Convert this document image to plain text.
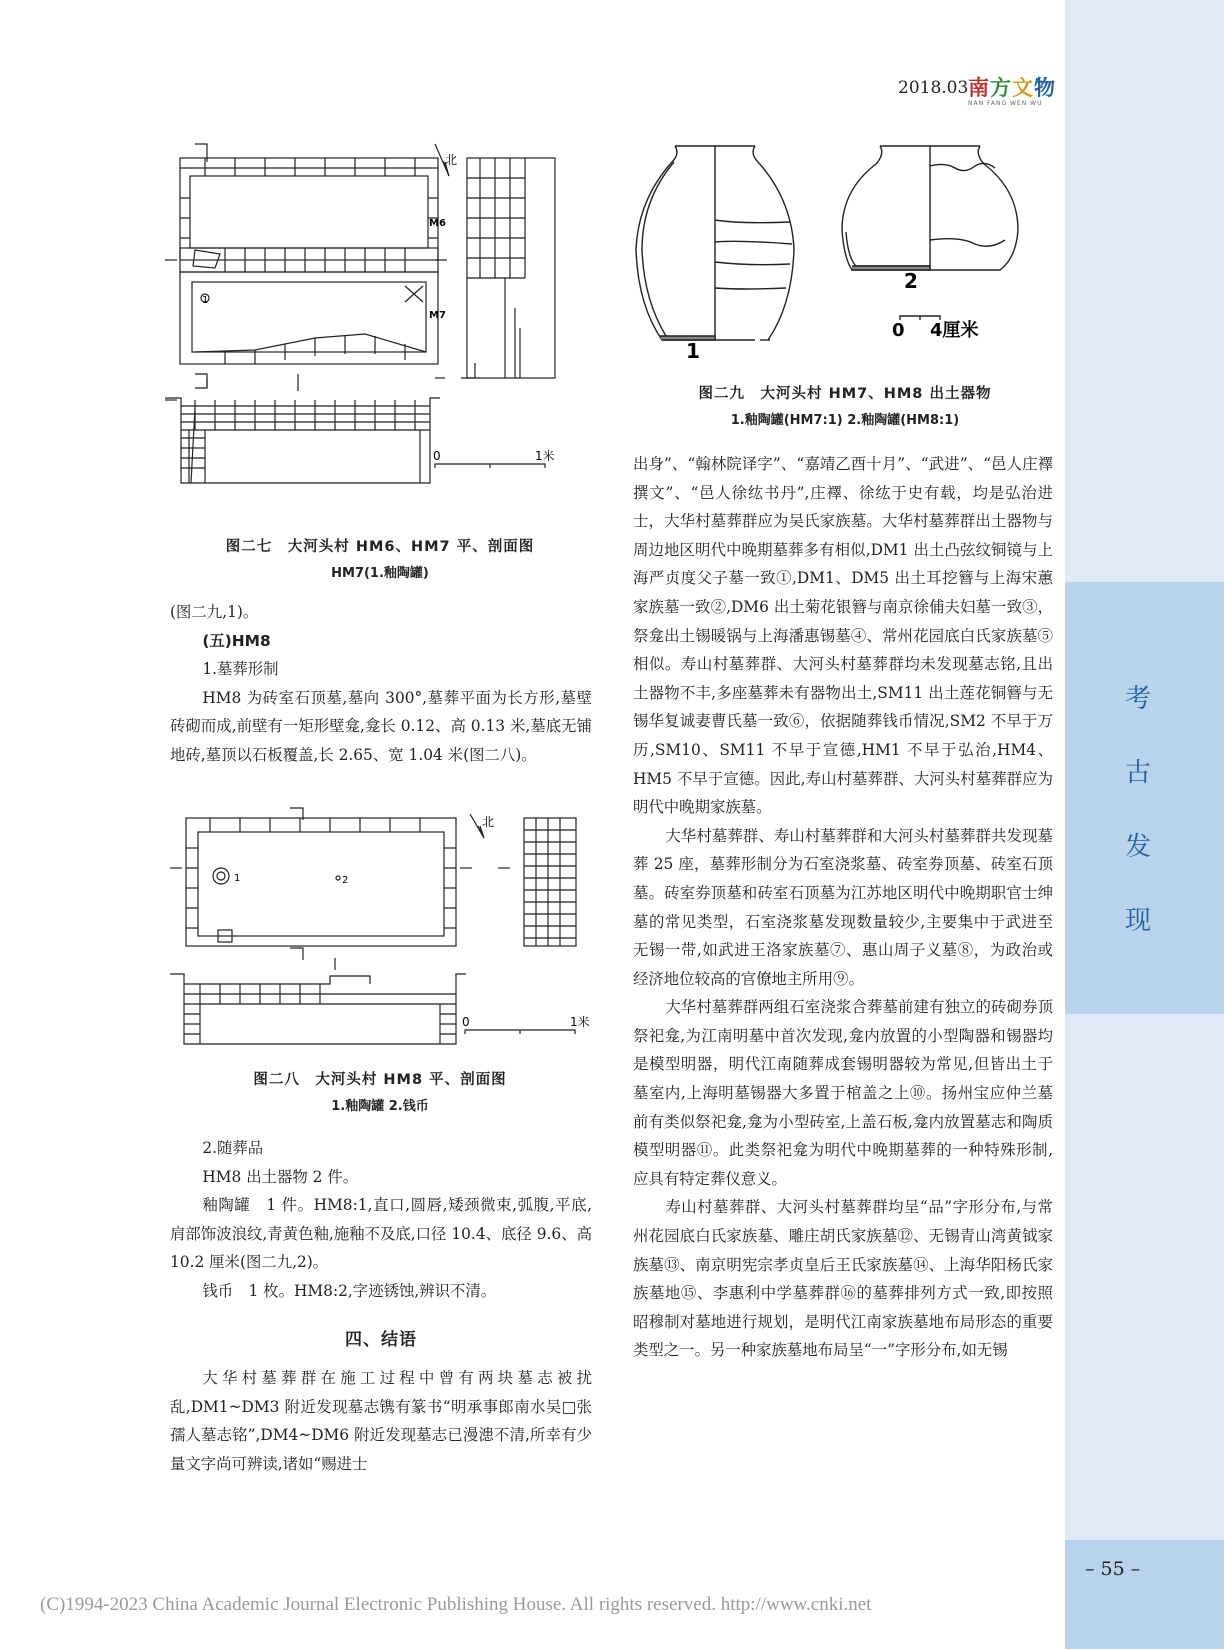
考
古
发
现
2018.03 南方文物
NAN FANG WEN WU
1
M6
M7
北
0	1米
图二七　大河头村 HM6、HM7 平、剖面图
HM7(1.釉陶罐)
1	2
北
0	1米
图二八　大河头村 HM8 平、剖面图
1.釉陶罐 2.钱币
1
2
0 4厘米
图二九　大河头村 HM7、HM8 出土器物
1.釉陶罐(HM7:1) 2.釉陶罐(HM8:1)

(图二九,1)。

(五)HM8

1.墓葬形制

HM8 为砖室石顶墓,墓向 300°,墓葬平面为长方形,墓壁砖砌而成,前壁有一矩形壁龛,龛长 0.12、高 0.13 米,墓底无铺地砖,墓顶以石板覆盖,长 2.65、宽 1.04 米(图二八)。

2.随葬品

HM8 出土器物 2 件。

釉陶罐　1 件。HM8:1,直口,圆唇,矮颈微束,弧腹,平底,肩部饰波浪纹,青黄色釉,施釉不及底,口径 10.4、底径 9.6、高 10.2 厘米(图二九,2)。

钱币　1 枚。HM8:2,字迹锈蚀,辨识不清。

四、结语

大华村墓葬群在施工过程中曾有两块墓志被扰乱,DM1~DM3 附近发现墓志镌有篆书“明承事郎南水吴□张孺人墓志铭”,DM4~DM6 附近发现墓志已漫漶不清,所幸有少量文字尚可辨读,诸如“赐进士

出身”、“翰林院译字”、“嘉靖乙酉十月”、“武进”、“邑人庄襗撰文”、“邑人徐纮书丹”,庄襗、徐纮于史有载，均是弘治进士，大华村墓葬群应为吴氏家族墓。大华村墓葬群出土器物与周边地区明代中晚期墓葬多有相似,DM1 出土凸弦纹铜镜与上海严贞度父子墓一致①,DM1、DM5 出土耳挖簪与上海宋蕙家族墓一致②,DM6 出土菊花银簪与南京徐俌夫妇墓一致③，祭龛出土锡暖锅与上海潘惠锡墓④、常州花园底白氏家族墓⑤相似。寿山村墓葬群、大河头村墓葬群均未发现墓志铭,且出土器物不丰,多座墓葬未有器物出土,SM11 出土莲花铜簪与无锡华复诚妻曹氏墓一致⑥，依据随葬钱币情况,SM2 不早于万历,SM10、SM11 不早于宣德,HM1 不早于弘治,HM4、HM5 不早于宣德。因此,寿山村墓葬群、大河头村墓葬群应为明代中晚期家族墓。

大华村墓葬群、寿山村墓葬群和大河头村墓葬群共发现墓葬 25 座，墓葬形制分为石室浇浆墓、砖室券顶墓、砖室石顶墓。砖室券顶墓和砖室石顶墓为江苏地区明代中晚期职官士绅墓的常见类型，石室浇浆墓发现数量较少,主要集中于武进至无锡一带,如武进王洛家族墓⑦、惠山周子义墓⑧，为政治或经济地位较高的官僚地主所用⑨。

大华村墓葬群两组石室浇浆合葬墓前建有独立的砖砌券顶祭祀龛,为江南明墓中首次发现,龛内放置的小型陶器和锡器均是模型明器，明代江南随葬成套锡明器较为常见,但皆出土于墓室内,上海明墓锡器大多置于棺盖之上⑩。扬州宝应仲兰墓前有类似祭祀龛,龛为小型砖室,上盖石板,龛内放置墓志和陶质模型明器⑪。此类祭祀龛为明代中晚期墓葬的一种特殊形制,应具有特定葬仪意义。

寿山村墓葬群、大河头村墓葬群均呈“品”字形分布,与常州花园底白氏家族墓、雕庄胡氏家族墓⑫、无锡青山湾黄钺家族墓⑬、南京明宪宗孝贞皇后王氏家族墓⑭、上海华阳杨氏家族墓地⑮、李惠利中学墓葬群⑯的墓葬排列方式一致,即按照昭穆制对墓地进行规划，是明代江南家族墓地布局形态的重要类型之一。另一种家族墓地布局呈“一”字形分布,如无锡

– 55 –
(C)1994-2023 China Academic Journal Electronic Publishing House. All rights reserved. http://www.cnki.net
